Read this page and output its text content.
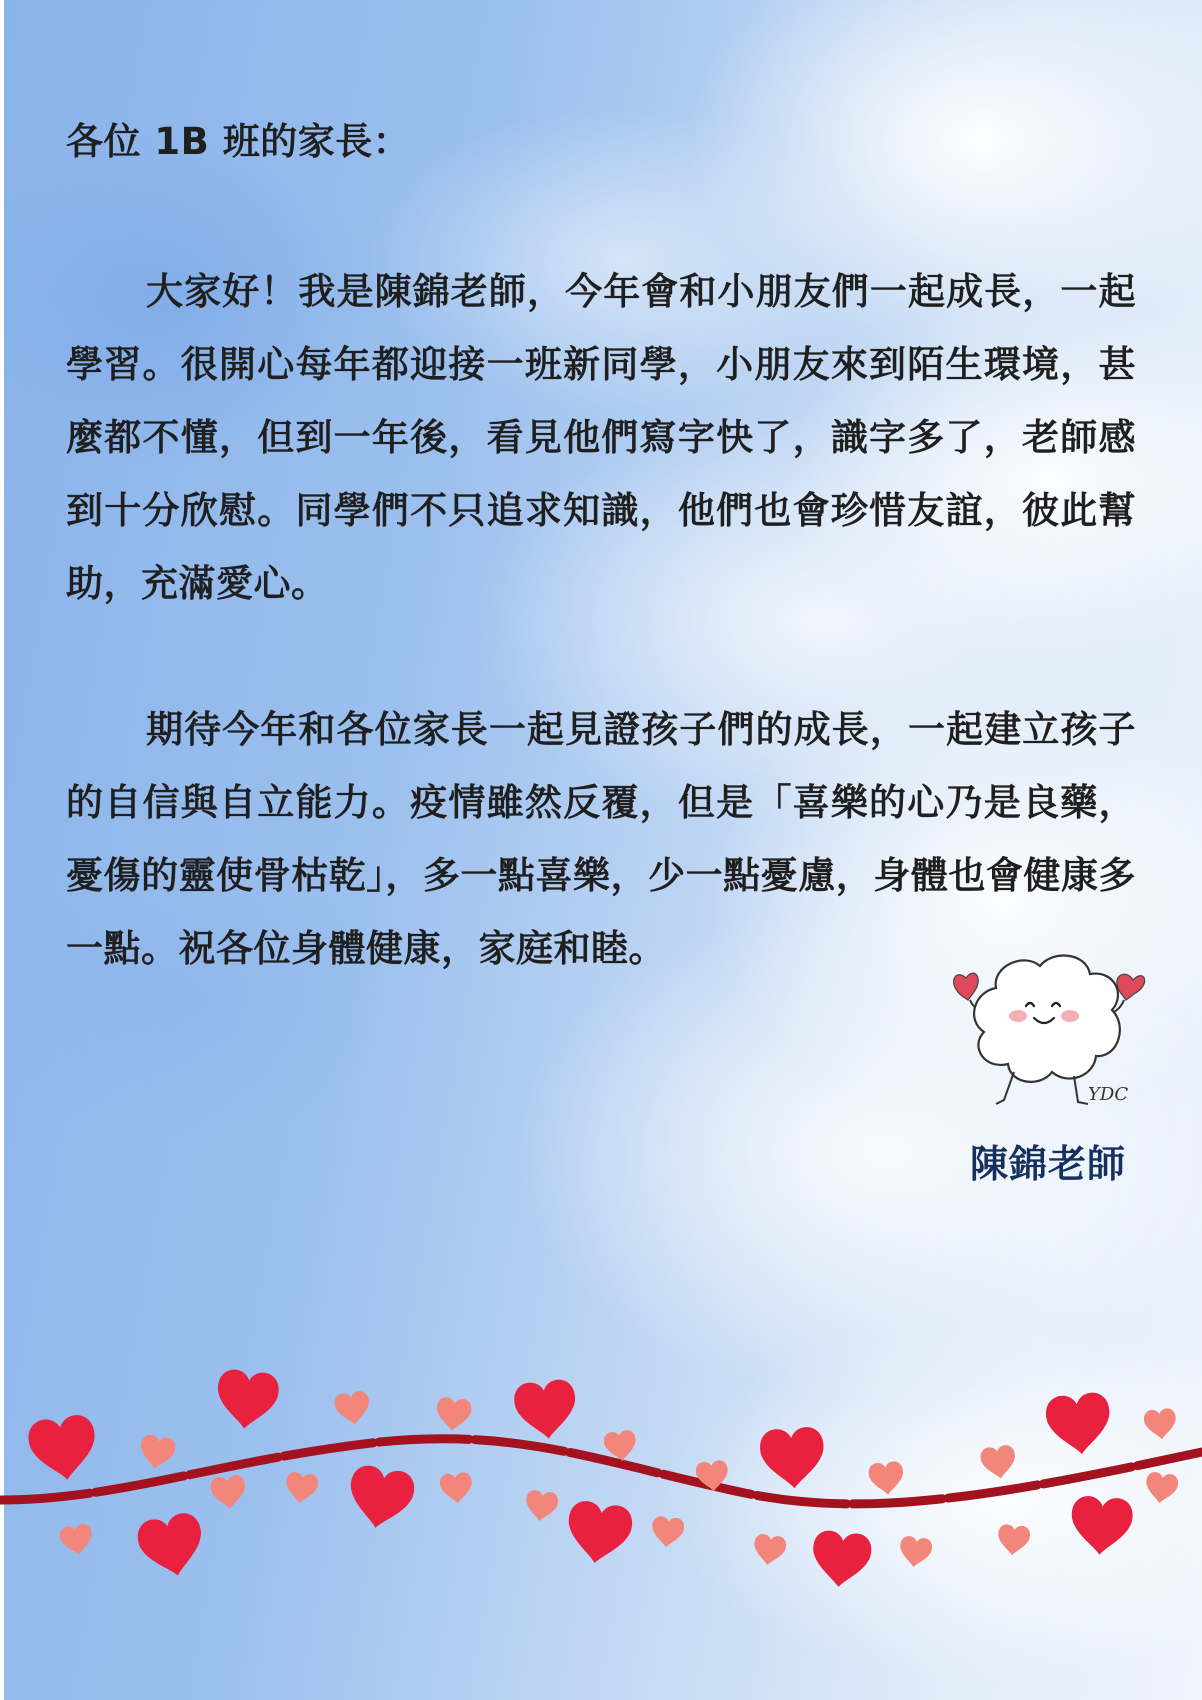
各位 1B 班的家長：

大家好！我是陳錦老師，今年會和小朋友們一起成長，一起學習。很開心每年都迎接一班新同學，小朋友來到陌生環境，甚麼都不懂，但到一年後，看見他們寫字快了，識字多了，老師感到十分欣慰。同學們不只追求知識，他們也會珍惜友誼，彼此幫助，充滿愛心。

期待今年和各位家長一起見證孩子們的成長，一起建立孩子的自信與自立能力。疫情雖然反覆，但是「喜樂的心乃是良藥，憂傷的靈使骨枯乾」，多一點喜樂，少一點憂慮，身體也會健康多一點。祝各位身體健康，家庭和睦。

YDC
陳錦老師
